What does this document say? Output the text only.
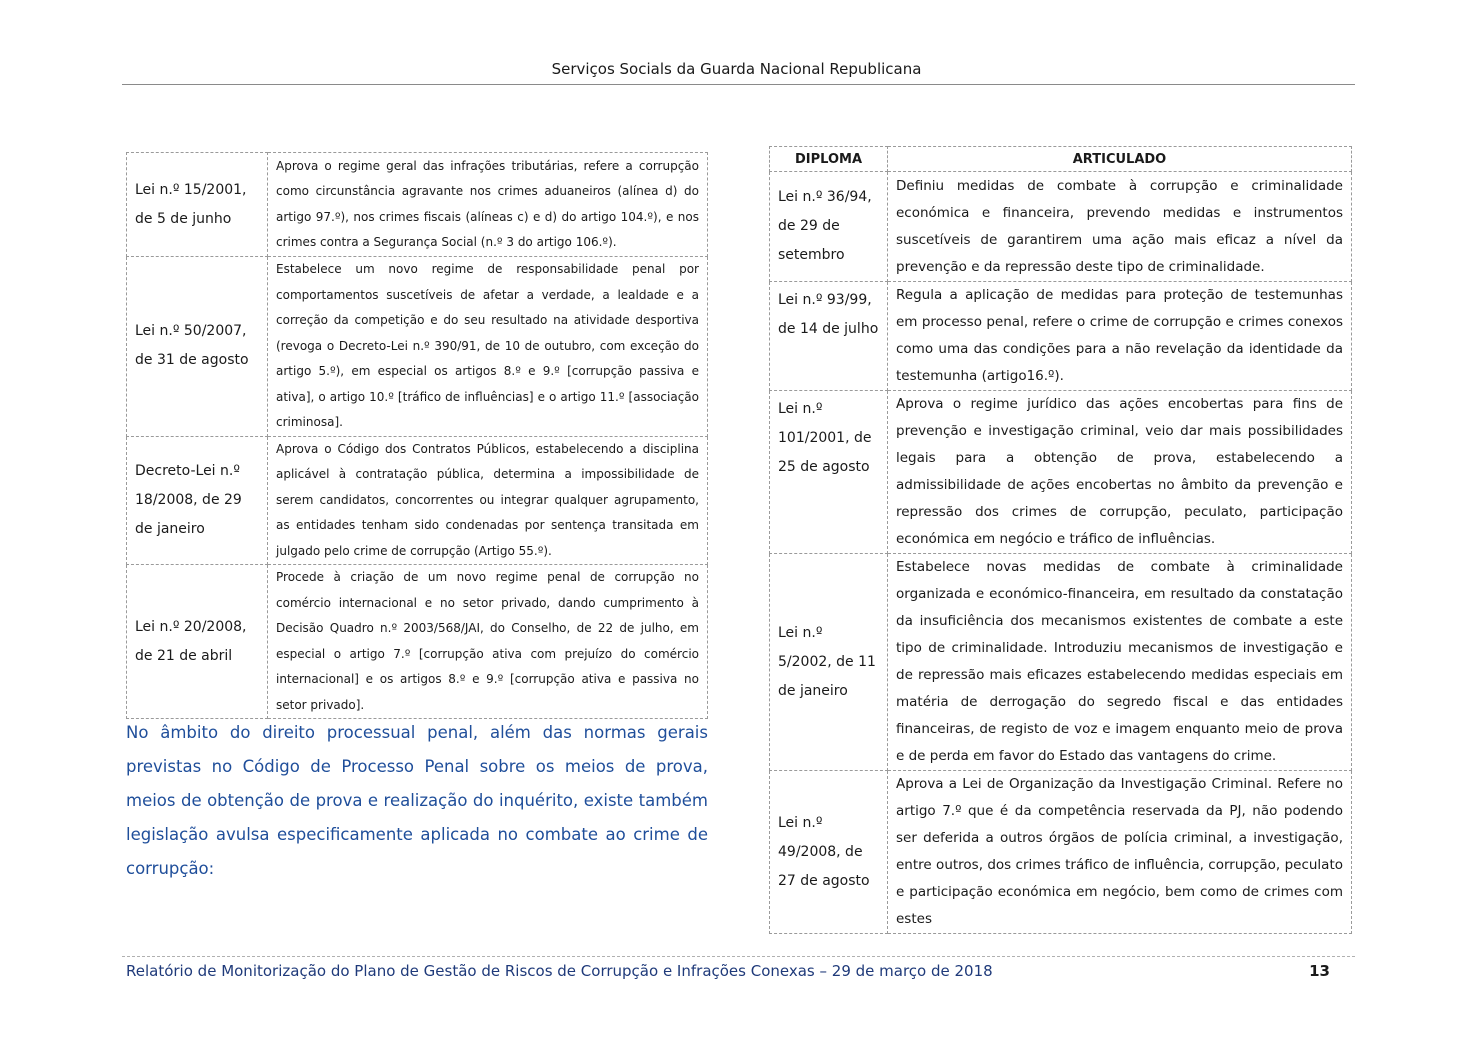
Serviços Socials da Guarda Nacional Republicana
Lei n.º 15/2001, de 5 de junho	Aprova o regime geral das infrações tributárias, refere a corrupção como circunstância agravante nos crimes aduaneiros (alínea d) do artigo 97.º), nos crimes fiscais (alíneas c) e d) do artigo 104.º), e nos crimes contra a Segurança Social (n.º 3 do artigo 106.º).
Lei n.º 50/2007, de 31 de agosto	Estabelece um novo regime de responsabilidade penal por comportamentos suscetíveis de afetar a verdade, a lealdade e a correção da competição e do seu resultado na atividade desportiva (revoga o Decreto-Lei n.º 390/91, de 10 de outubro, com exceção do artigo 5.º), em especial os artigos 8.º e 9.º [corrupção passiva e ativa], o artigo 10.º [tráfico de influências] e o artigo 11.º [associação criminosa].
Decreto-Lei n.º 18/2008, de 29 de janeiro	Aprova o Código dos Contratos Públicos, estabelecendo a disciplina aplicável à contratação pública, determina a impossibilidade de serem candidatos, concorrentes ou integrar qualquer agrupamento, as entidades tenham sido condenadas por sentença transitada em julgado pelo crime de corrupção (Artigo 55.º).
Lei n.º 20/2008, de 21 de abril	Procede à criação de um novo regime penal de corrupção no comércio internacional e no setor privado, dando cumprimento à Decisão Quadro n.º 2003/568/JAI, do Conselho, de 22 de julho, em especial o artigo 7.º [corrupção ativa com prejuízo do comércio internacional] e os artigos 8.º e 9.º [corrupção ativa e passiva no setor privado].
No âmbito do direito processual penal, além das normas gerais previstas no Código de Processo Penal sobre os meios de prova, meios de obtenção de prova e realização do inquérito, existe também legislação avulsa especificamente aplicada no combate ao crime de corrupção:
DIPLOMA	ARTICULADO
Lei n.º 36/94, de 29 de setembro	Definiu medidas de combate à corrupção e criminalidade económica e financeira, prevendo medidas e instrumentos suscetíveis de garantirem uma ação mais eficaz a nível da prevenção e da repressão deste tipo de criminalidade.
Lei n.º 93/99, de 14 de julho	Regula a aplicação de medidas para proteção de testemunhas em processo penal, refere o crime de corrupção e crimes conexos como uma das condições para a não revelação da identidade da testemunha (artigo16.º).
Lei n.º 101/2001, de 25 de agosto	Aprova o regime jurídico das ações encobertas para fins de prevenção e investigação criminal, veio dar mais possibilidades legais para a obtenção de prova, estabelecendo a admissibilidade de ações encobertas no âmbito da prevenção e repressão dos crimes de corrupção, peculato, participação económica em negócio e tráfico de influências.
Lei n.º 5/2002, de 11 de janeiro	Estabelece novas medidas de combate à criminalidade organizada e económico-financeira, em resultado da constatação da insuficiência dos mecanismos existentes de combate a este tipo de criminalidade. Introduziu mecanismos de investigação e de repressão mais eficazes estabelecendo medidas especiais em matéria de derrogação do segredo fiscal e das entidades financeiras, de registo de voz e imagem enquanto meio de prova e de perda em favor do Estado das vantagens do crime.
Lei n.º 49/2008, de 27 de agosto	Aprova a Lei de Organização da Investigação Criminal. Refere no artigo 7.º que é da competência reservada da PJ, não podendo ser deferida a outros órgãos de polícia criminal, a investigação, entre outros, dos crimes tráfico de influência, corrupção, peculato e participação económica em negócio, bem como de crimes com estes
Relatório de Monitorização do Plano de Gestão de Riscos de Corrupção e Infrações Conexas – 29 de março de 2018	13
